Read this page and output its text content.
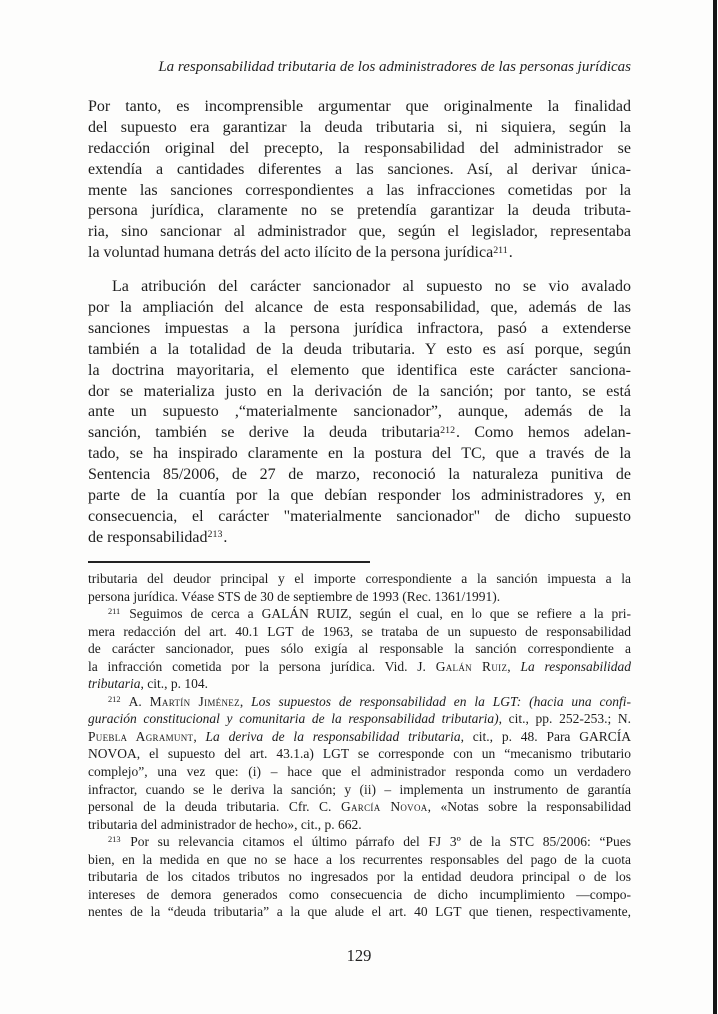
La responsabilidad tributaria de los administradores de las personas jurídicas
Por tanto, es incomprensible argumentar que originalmente la finalidad
del supuesto era garantizar la deuda tributaria si, ni siquiera, según la
redacción original del precepto, la responsabilidad del administrador se
extendía a cantidades diferentes a las sanciones. Así, al derivar única-
mente las sanciones correspondientes a las infracciones cometidas por la
persona jurídica, claramente no se pretendía garantizar la deuda tributa-
ria, sino sancionar al administrador que, según el legislador, representaba
la voluntad humana detrás del acto ilícito de la persona jurídica$^{211}$.
La atribución del carácter sancionador al supuesto no se vio avalado
por la ampliación del alcance de esta responsabilidad, que, además de las
sanciones impuestas a la persona jurídica infractora, pasó a extenderse
también a la totalidad de la deuda tributaria. Y esto es así porque, según
la doctrina mayoritaria, el elemento que identifica este carácter sanciona-
dor se materializa justo en la derivación de la sanción; por tanto, se está
ante un supuesto ,“materialmente sancionador”, aunque, además de la
sanción, también se derive la deuda tributaria$^{212}$. Como hemos adelan-
tado, se ha inspirado claramente en la postura del TC, que a través de la
Sentencia 85/2006, de 27 de marzo, reconoció la naturaleza punitiva de
parte de la cuantía por la que debían responder los administradores y, en
consecuencia, el carácter "materialmente sancionador" de dicho supuesto
de responsabilidad$^{213}$.
tributaria del deudor principal y el importe correspondiente a la sanción impuesta a la
persona jurídica. Véase STS de 30 de septiembre de 1993 (Rec. 1361/1991).
$^{211}$ Seguimos de cerca a GALÁN RUIZ, según el cual, en lo que se refiere a la pri-
mera redacción del art. 40.1 LGT de 1963, se trataba de un supuesto de responsabilidad
de carácter sancionador, pues sólo exigía al responsable la sanción correspondiente a
la infracción cometida por la persona jurídica. Vid. J. Galán Ruiz, La responsabilidad
tributaria, cit., p. 104.
$^{212}$ A. Martín Jiménez, Los supuestos de responsabilidad en la LGT: (hacia una confi-
guración constitucional y comunitaria de la responsabilidad tributaria), cit., pp. 252-253.; N.
Puebla Agramunt, La deriva de la responsabilidad tributaria, cit., p. 48. Para GARCÍA
NOVOA, el supuesto del art. 43.1.a) LGT se corresponde con un “mecanismo tributario
complejo”, una vez que: (i) – hace que el administrador responda como un verdadero
infractor, cuando se le deriva la sanción; y (ii) – implementa un instrumento de garantía
personal de la deuda tributaria. Cfr. C. García Novoa, «Notas sobre la responsabilidad
tributaria del administrador de hecho», cit., p. 662.
$^{213}$ Por su relevancia citamos el último párrafo del FJ 3º de la STC 85/2006: “Pues
bien, en la medida en que no se hace a los recurrentes responsables del pago de la cuota
tributaria de los citados tributos no ingresados por la entidad deudora principal o de los
intereses de demora generados como consecuencia de dicho incumplimiento —compo-
nentes de la “deuda tributaria” a la que alude el art. 40 LGT que tienen, respectivamente,
129
